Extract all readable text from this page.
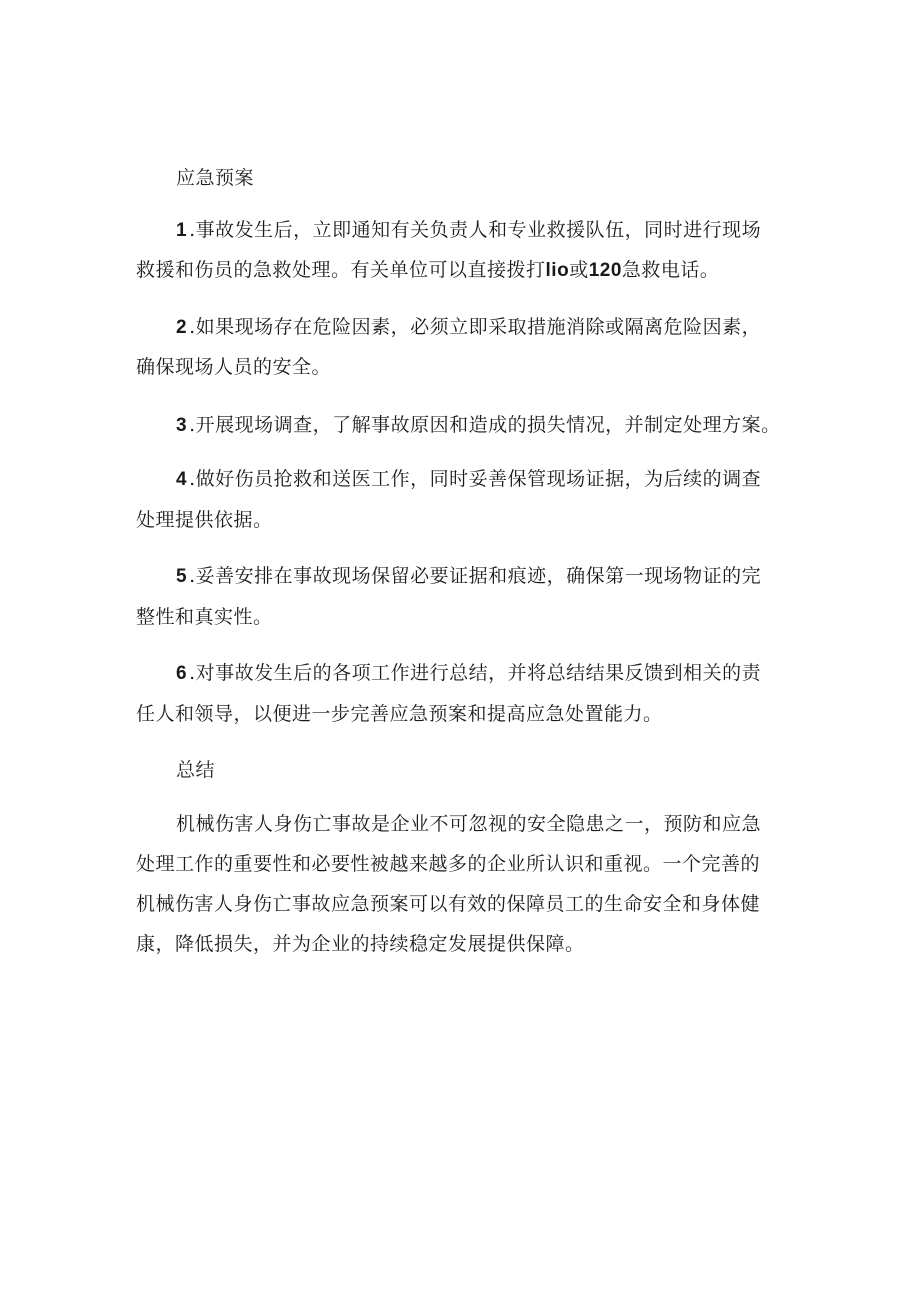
应急预案
1 .事故发生后，立即通知有关负责人和专业救援队伍，同时进行现场
救援和伤员的急救处理。有关单位可以直接拨打lio或120急救电话。
2 .如果现场存在危险因素，必须立即采取措施消除或隔离危险因素，
确保现场人员的安全。
3 .开展现场调查，了解事故原因和造成的损失情况，并制定处理方案。
4 .做好伤员抢救和送医工作，同时妥善保管现场证据，为后续的调查
处理提供依据。
5 .妥善安排在事故现场保留必要证据和痕迹，确保第一现场物证的完
整性和真实性。
6 .对事故发生后的各项工作进行总结，并将总结结果反馈到相关的责
任人和领导，以便进一步完善应急预案和提高应急处置能力。
总结
机械伤害人身伤亡事故是企业不可忽视的安全隐患之一，预防和应急
处理工作的重要性和必要性被越来越多的企业所认识和重视。一个完善的
机械伤害人身伤亡事故应急预案可以有效的保障员工的生命安全和身体健
康，降低损失，并为企业的持续稳定发展提供保障。
